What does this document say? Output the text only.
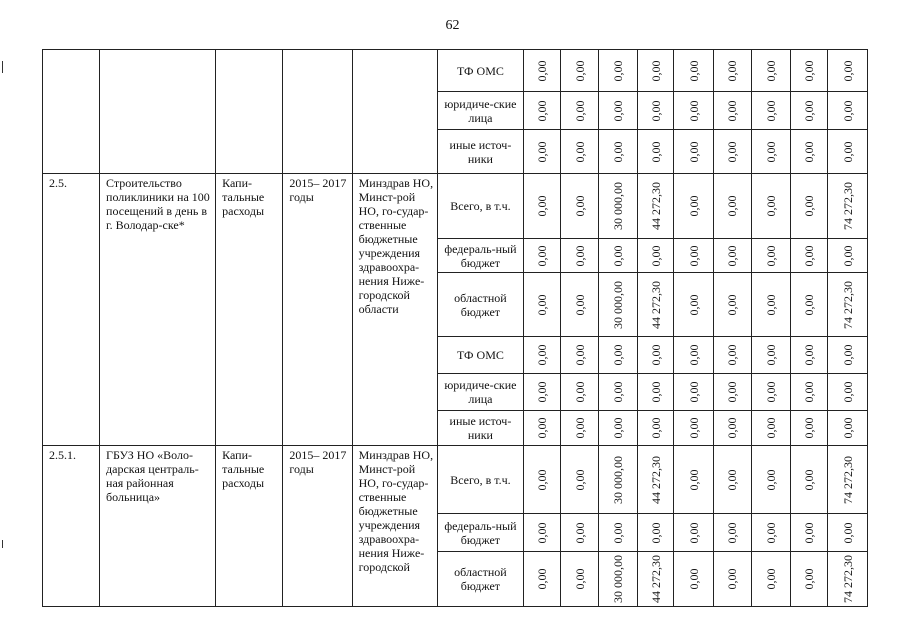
62
					ТФ ОМС	0,00	0,00	0,00	0,00	0,00	0,00	0,00	0,00	0,00

					юридиче-ские лица	0,00	0,00	0,00	0,00	0,00	0,00	0,00	0,00	0,00

					иные источ-ники	0,00	0,00	0,00	0,00	0,00	0,00	0,00	0,00	0,00

2.5.	Строительство поликлиники на 100 посещений в день в г. Володар-ске*	Капи-тальные расходы	2015– 2017 годы	Минздрав НО, Минст-рой НО, го-судар-ственные бюджетные учреждения здравоохра-нения Ниже-городской области	Всего, в т.ч.	0,00	0,00	30 000,00	44 272,30	0,00	0,00	0,00	0,00	74 272,30

					федераль-ный бюджет	0,00	0,00	0,00	0,00	0,00	0,00	0,00	0,00	0,00

					областной бюджет	0,00	0,00	30 000,00	44 272,30	0,00	0,00	0,00	0,00	74 272,30

					ТФ ОМС	0,00	0,00	0,00	0,00	0,00	0,00	0,00	0,00	0,00

					юридиче-ские лица	0,00	0,00	0,00	0,00	0,00	0,00	0,00	0,00	0,00

					иные источ-ники	0,00	0,00	0,00	0,00	0,00	0,00	0,00	0,00	0,00

2.5.1.	ГБУЗ НО «Воло-дарская централь-ная районная больница»	Капи-тальные расходы	2015– 2017 годы	Минздрав НО, Минст-рой НО, го-судар-ственные бюджетные учреждения здравоохра-нения Ниже-городской	Всего, в т.ч.	0,00	0,00	30 000,00	44 272,30	0,00	0,00	0,00	0,00	74 272,30

					федераль-ный бюджет	0,00	0,00	0,00	0,00	0,00	0,00	0,00	0,00	0,00

					областной бюджет	0,00	0,00	30 000,00	44 272,30	0,00	0,00	0,00	0,00	74 272,30
